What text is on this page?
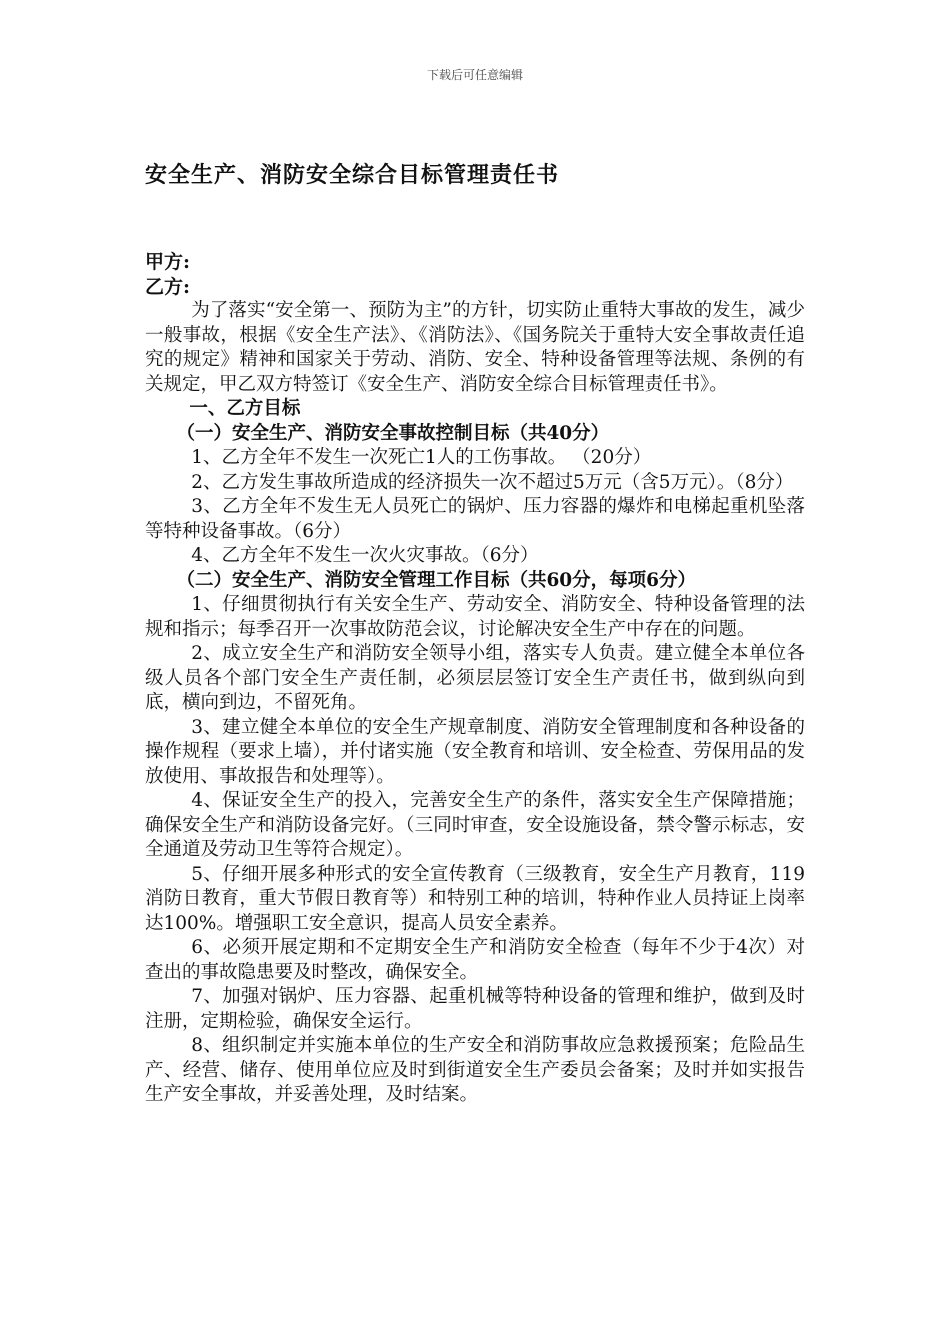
下载后可任意编辑
安全生产、消防安全综合目标管理责任书

甲方:

乙方:

为了落实“安全第一、预防为主”的方针，切实防止重特大事故的发生，减少一般事故，根据《安全生产法》、《消防法》、《国务院关于重特大安全事故责任追究的规定》精神和国家关于劳动、消防、安全、特种设备管理等法规、条例的有关规定，甲乙双方特签订《安全生产、消防安全综合目标管理责任书》。

一、乙方目标

（一）安全生产、消防安全事故控制目标（共40分）

1、乙方全年不发生一次死亡1人的工伤事故。 （20分）

2、乙方发生事故所造成的经济损失一次不超过5万元（含5万元）。（8分）

3、乙方全年不发生无人员死亡的锅炉、压力容器的爆炸和电梯起重机坠落等特种设备事故。（6分）

4、乙方全年不发生一次火灾事故。（6分）

（二）安全生产、消防安全管理工作目标（共60分，每项6分）

1、仔细贯彻执行有关安全生产、劳动安全、消防安全、特种设备管理的法规和指示；每季召开一次事故防范会议，讨论解决安全生产中存在的问题。

2、成立安全生产和消防安全领导小组，落实专人负责。建立健全本单位各级人员各个部门安全生产责任制，必须层层签订安全生产责任书，做到纵向到底，横向到边，不留死角。

3、建立健全本单位的安全生产规章制度、消防安全管理制度和各种设备的操作规程（要求上墙），并付诸实施（安全教育和培训、安全检查、劳保用品的发放使用、事故报告和处理等）。

4、保证安全生产的投入，完善安全生产的条件，落实安全生产保障措施；确保安全生产和消防设备完好。（三同时审查，安全设施设备，禁令警示标志，安全通道及劳动卫生等符合规定）。

5、仔细开展多种形式的安全宣传教育（三级教育，安全生产月教育，119消防日教育，重大节假日教育等）和特别工种的培训，特种作业人员持证上岗率达100%。增强职工安全意识，提高人员安全素养。

6、必须开展定期和不定期安全生产和消防安全检查（每年不少于4次）对查出的事故隐患要及时整改，确保安全。

7、加强对锅炉、压力容器、起重机械等特种设备的管理和维护，做到及时注册，定期检验，确保安全运行。

8、组织制定并实施本单位的生产安全和消防事故应急救援预案；危险品生产、经营、储存、使用单位应及时到街道安全生产委员会备案；及时并如实报告生产安全事故，并妥善处理，及时结案。
